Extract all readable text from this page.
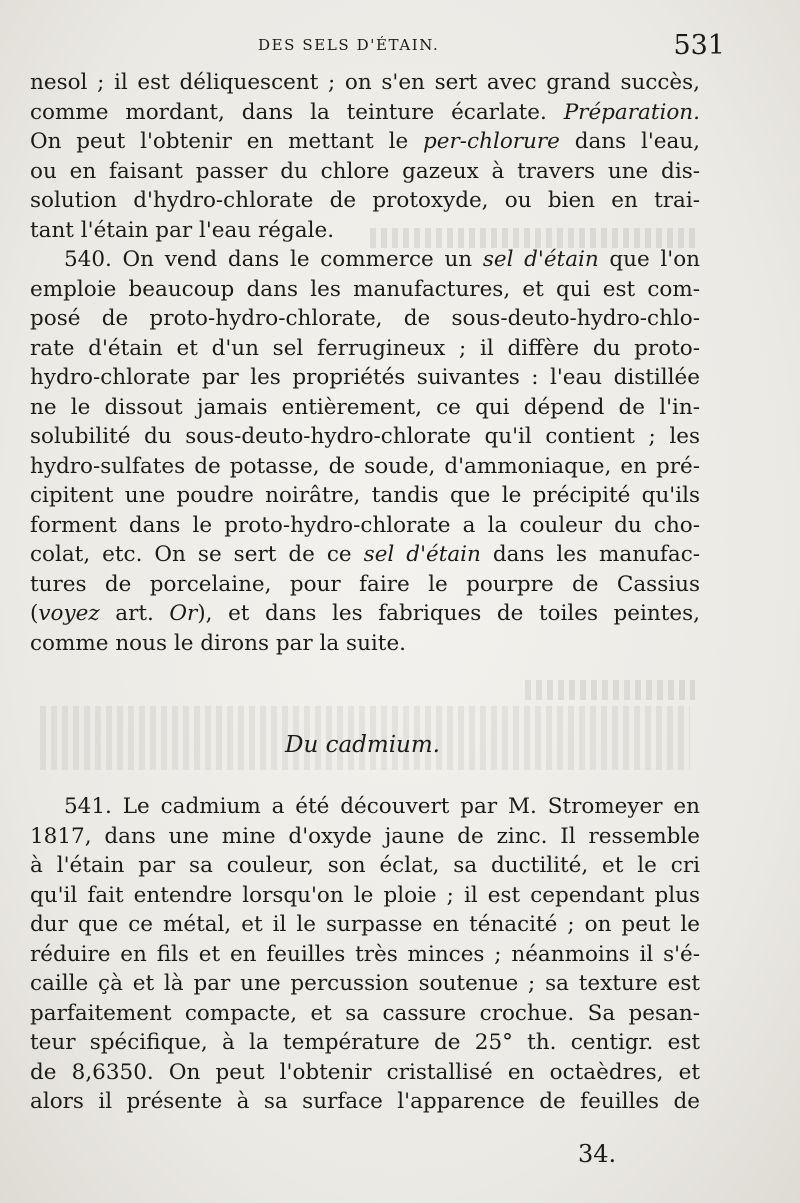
DES SELS D'ÉTAIN.	531
nesol ; il est déliquescent ; on s'en sert avec grand succès,
comme mordant, dans la teinture écarlate. Préparation.
On peut l'obtenir en mettant le per-chlorure dans l'eau,
ou en faisant passer du chlore gazeux à travers une dis-
solution d'hydro-chlorate de protoxyde, ou bien en trai-
tant l'étain par l'eau régale.
540. On vend dans le commerce un sel d'étain que l'on
emploie beaucoup dans les manufactures, et qui est com-
posé de proto-hydro-chlorate, de sous-deuto-hydro-chlo-
rate d'étain et d'un sel ferrugineux ; il diffère du proto-
hydro-chlorate par les propriétés suivantes : l'eau distillée
ne le dissout jamais entièrement, ce qui dépend de l'in-
solubilité du sous-deuto-hydro-chlorate qu'il contient ; les
hydro-sulfates de potasse, de soude, d'ammoniaque, en pré-
cipitent une poudre noirâtre, tandis que le précipité qu'ils
forment dans le proto-hydro-chlorate a la couleur du cho-
colat, etc. On se sert de ce sel d'étain dans les manufac-
tures de porcelaine, pour faire le pourpre de Cassius
(voyez art. Or), et dans les fabriques de toiles peintes,
comme nous le dirons par la suite.
Du cadmium.
541. Le cadmium a été découvert par M. Stromeyer en
1817, dans une mine d'oxyde jaune de zinc. Il ressemble
à l'étain par sa couleur, son éclat, sa ductilité, et le cri
qu'il fait entendre lorsqu'on le ploie ; il est cependant plus
dur que ce métal, et il le surpasse en ténacité ; on peut le
réduire en fils et en feuilles très minces ; néanmoins il s'é-
caille çà et là par une percussion soutenue ; sa texture est
parfaitement compacte, et sa cassure crochue. Sa pesan-
teur spécifique, à la température de 25° th. centigr. est
de 8,6350. On peut l'obtenir cristallisé en octaèdres, et
alors il présente à sa surface l'apparence de feuilles de
34.
